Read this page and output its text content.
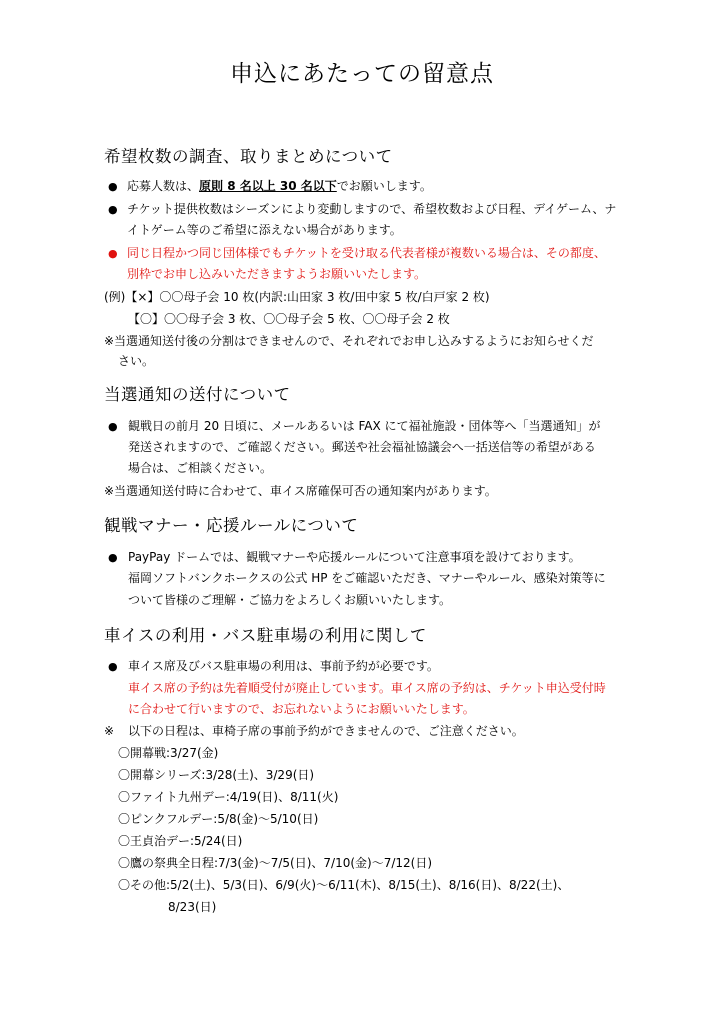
申込にあたっての留意点
希望枚数の調査、取りまとめについて
● 応募人数は、原則 8 名以上 30 名以下でお願いします。
● チケット提供枚数はシーズンにより変動しますので、希望枚数および日程、デイゲーム、ナ
イトゲーム等のご希望に添えない場合があります。
● 同じ日程かつ同じ団体様でもチケットを受け取る代表者様が複数いる場合は、その都度、
別枠でお申し込みいただきますようお願いいたします。
(例)【×】〇〇母子会 10 枚(内訳:山田家 3 枚/田中家 5 枚/白戸家 2 枚)
【〇】〇〇母子会 3 枚、〇〇母子会 5 枚、〇〇母子会 2 枚
※当選通知送付後の分割はできませんので、それぞれでお申し込みするようにお知らせくだ
さい。
当選通知の送付について
● 観戦日の前月 20 日頃に、メールあるいは FAX にて福祉施設・団体等へ「当選通知」が
発送されますので、ご確認ください。郵送や社会福祉協議会へ一括送信等の希望がある
場合は、ご相談ください。
※当選通知送付時に合わせて、車イス席確保可否の通知案内があります。
観戦マナー・応援ルールについて
● PayPay ドームでは、観戦マナーや応援ルールについて注意事項を設けております。
福岡ソフトバンクホークスの公式 HP をご確認いただき、マナーやルール、感染対策等に
ついて皆様のご理解・ご協力をよろしくお願いいたします。
車イスの利用・バス駐車場の利用に関して
● 車イス席及びバス駐車場の利用は、事前予約が必要です。
車イス席の予約は先着順受付が廃止しています。車イス席の予約は、チケット申込受付時
に合わせて行いますので、お忘れないようにお願いいたします。
※ 以下の日程は、車椅子席の事前予約ができませんので、ご注意ください。
〇開幕戦:3/27(金)
〇開幕シリーズ:3/28(土)、3/29(日)
〇ファイト九州デー:4/19(日)、8/11(火)
〇ピンクフルデー:5/8(金)～5/10(日)
〇王貞治デー:5/24(日)
〇鷹の祭典全日程:7/3(金)～7/5(日)、7/10(金)～7/12(日)
〇その他:5/2(土)、5/3(日)、6/9(火)～6/11(木)、8/15(土)、8/16(日)、8/22(土)、
8/23(日)
